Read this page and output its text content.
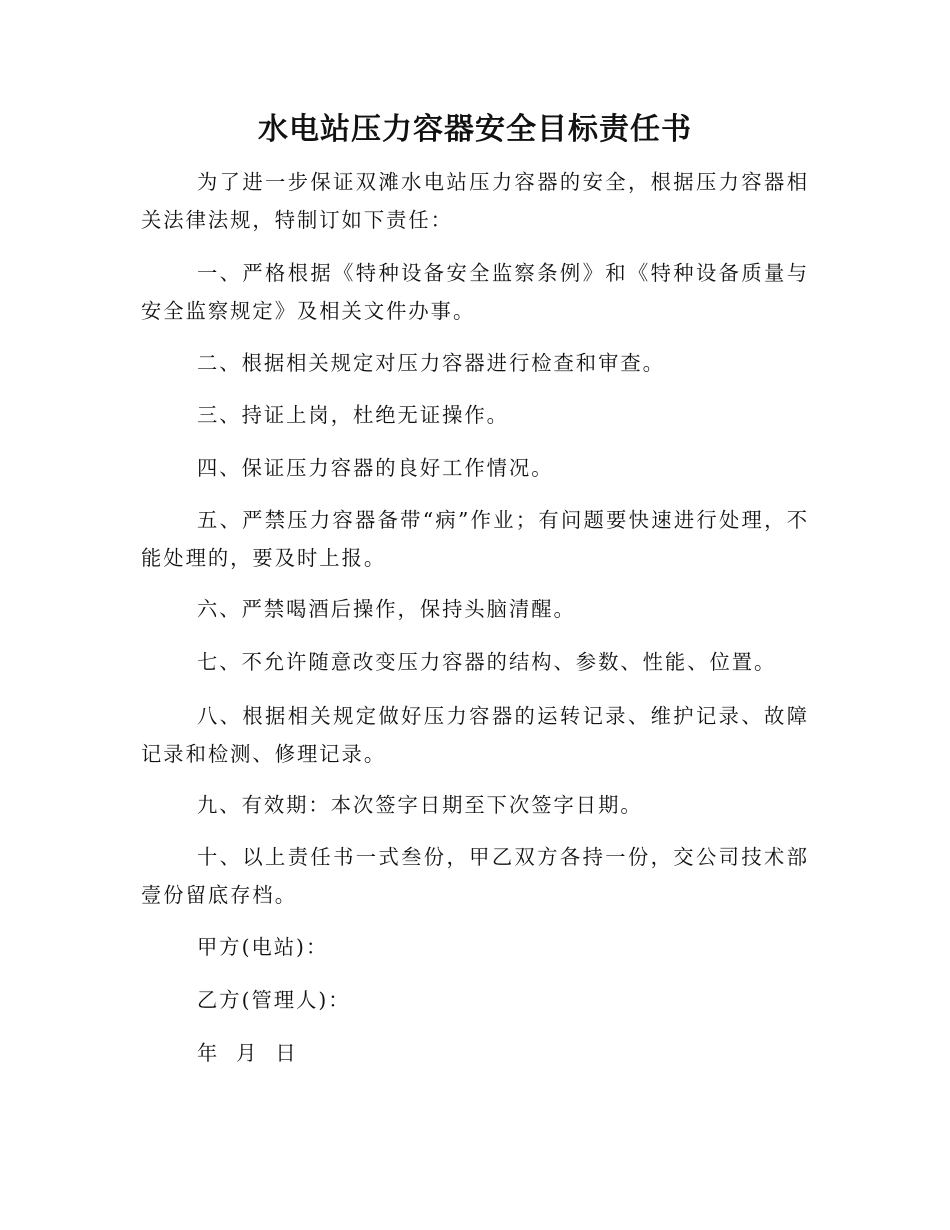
水电站压力容器安全目标责任书
为了进一步保证双滩水电站压力容器的安全，根据压力容器相关法律法规，特制订如下责任：
一、严格根据《特种设备安全监察条例》和《特种设备质量与安全监察规定》及相关文件办事。
二、根据相关规定对压力容器进行检查和审查。
三、持证上岗，杜绝无证操作。
四、保证压力容器的良好工作情况。
五、严禁压力容器备带“病”作业；有问题要快速进行处理，不能处理的，要及时上报。
六、严禁喝酒后操作，保持头脑清醒。
七、不允许随意改变压力容器的结构、参数、性能、位置。
八、根据相关规定做好压力容器的运转记录、维护记录、故障记录和检测、修理记录。
九、有效期：本次签字日期至下次签字日期。
十、以上责任书一式叁份，甲乙双方各持一份，交公司技术部壹份留底存档。
甲方(电站)：
乙方(管理人)：
年  月  日
